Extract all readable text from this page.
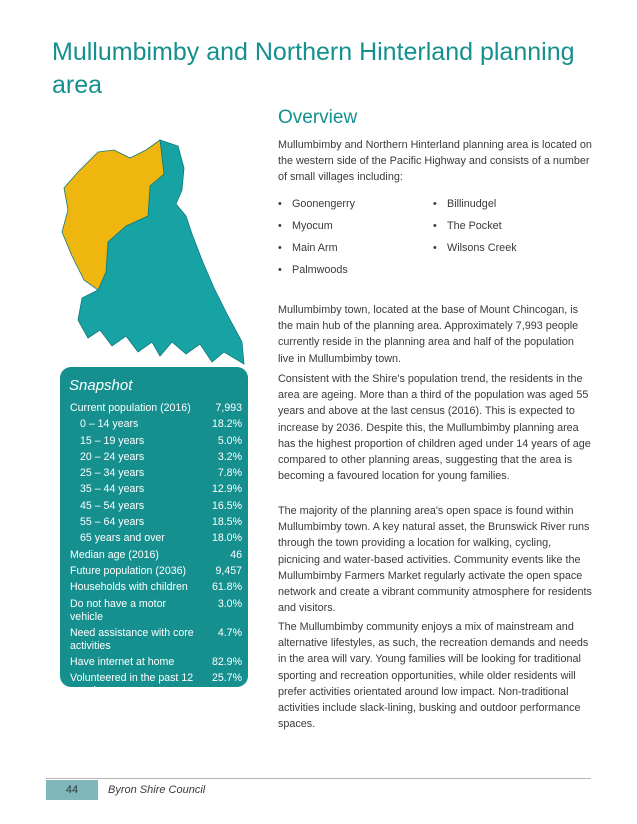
Mullumbimby and Northern Hinterland planning area
Overview

Mullumbimby and Northern Hinterland planning area is located on the western side of the Pacific Highway and consists of a number of small villages including:

• Goonengerry	• Billinudgel
• Myocum	• The Pocket
• Main Arm	• Wilsons Creek
• Palmwoods

Mullumbimby town, located at the base of Mount Chincogan, is the main hub of the planning area. Approximately 7,993 people currently reside in the planning area and half of the population live in Mullumbimby town.

Consistent with the Shire's population trend, the residents in the area are ageing. More than a third of the population was aged 55 years and above at the last census (2016). This is expected to increase by 2036. Despite this, the Mullumbimby planning area has the highest proportion of children aged under 14 years of age compared to other planning areas, suggesting that the area is becoming a favoured location for young families.

The majority of the planning area's open space is found within Mullumbimby town. A key natural asset, the Brunswick River runs through the town providing a location for walking, cycling, picnicing and water-based activities. Community events like the Mullumbimby Farmers Market regularly activate the open space network and create a vibrant community atmosphere for residents and visitors.

The Mullumbimby community enjoys a mix of mainstream and alternative lifestyles, as such, the recreation demands and needs in the area will vary. Young families will be looking for traditional sporting and recreation opportunities, while older residents will prefer activities orientated around low impact. Non-traditional activities include slack-lining, busking and outdoor performance spaces.

Snapshot
Current population (2016) 7,993
0 – 14 years	18.2%
15 – 19 years	5.0%
20 – 24 years	3.2%
25 – 34 years	7.8%
35 – 44 years	12.9%
45 – 54 years	16.5%
55 – 64 years	18.5%
65 years and over	18.0%
Median age (2016)	46
Future population (2036)	9,457
Households with children 61.8%
Do not have a motor vehicle
3.0%
Need assistance with core activities
4.7%
Have internet at home	82.9%
Volunteered in the past 12 months
25.7%
44	Byron Shire Council
